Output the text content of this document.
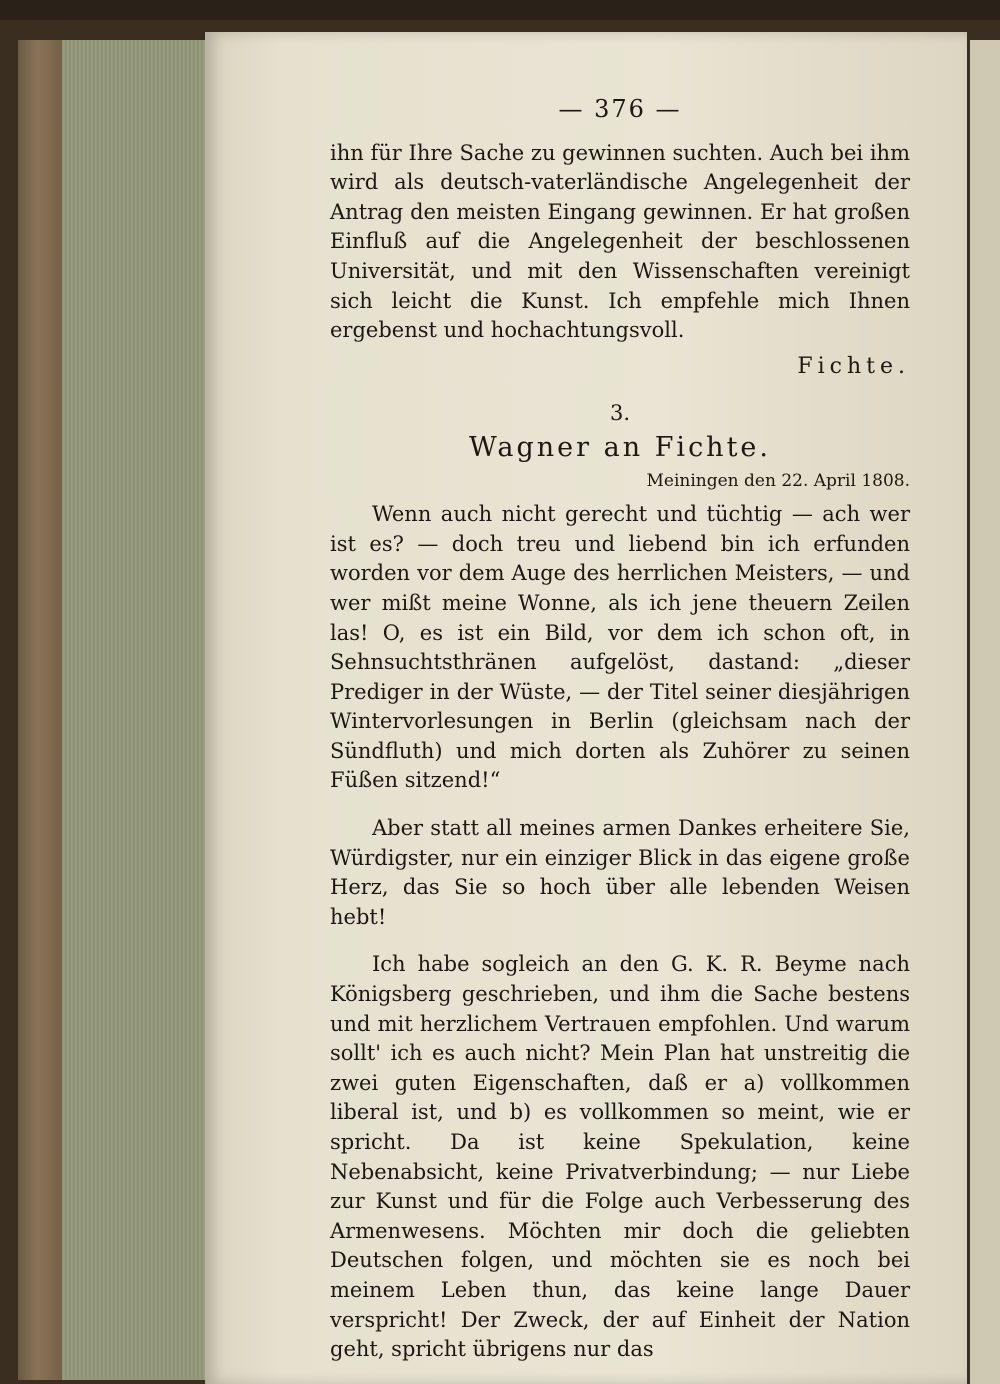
— 376 —

ihn für Ihre Sache zu gewinnen suchten. Auch bei ihm wird als deutsch-vaterländische Angelegenheit der Antrag den meisten Eingang gewinnen. Er hat großen Einfluß auf die Angelegenheit der beschlossenen Universität, und mit den Wissenschaften vereinigt sich leicht die Kunst. Ich empfehle mich Ihnen ergebenst und hochachtungsvoll.

Fichte.
3.
Wagner an Fichte.
Meiningen den 22. April 1808.

Wenn auch nicht gerecht und tüchtig — ach wer ist es? — doch treu und liebend bin ich erfunden worden vor dem Auge des herrlichen Meisters, — und wer mißt meine Wonne, als ich jene theuern Zeilen las! O, es ist ein Bild, vor dem ich schon oft, in Sehnsuchtsthränen aufgelöst, dastand: „dieser Prediger in der Wüste, — der Titel seiner diesjährigen Wintervorlesungen in Berlin (gleichsam nach der Sündfluth) und mich dorten als Zuhörer zu seinen Füßen sitzend!“

Aber statt all meines armen Dankes erheitere Sie, Würdigster, nur ein einziger Blick in das eigene große Herz, das Sie so hoch über alle lebenden Weisen hebt!

Ich habe sogleich an den G. K. R. Beyme nach Königsberg geschrieben, und ihm die Sache bestens und mit herzlichem Vertrauen empfohlen. Und warum sollt' ich es auch nicht? Mein Plan hat unstreitig die zwei guten Eigenschaften, daß er a) vollkommen liberal ist, und b) es vollkommen so meint, wie er spricht. Da ist keine Spekulation, keine Nebenabsicht, keine Privatverbindung; — nur Liebe zur Kunst und für die Folge auch Verbesserung des Armenwesens. Möchten mir doch die geliebten Deutschen folgen, und möchten sie es noch bei meinem Leben thun, das keine lange Dauer verspricht! Der Zweck, der auf Einheit der Nation geht, spricht übrigens nur das
